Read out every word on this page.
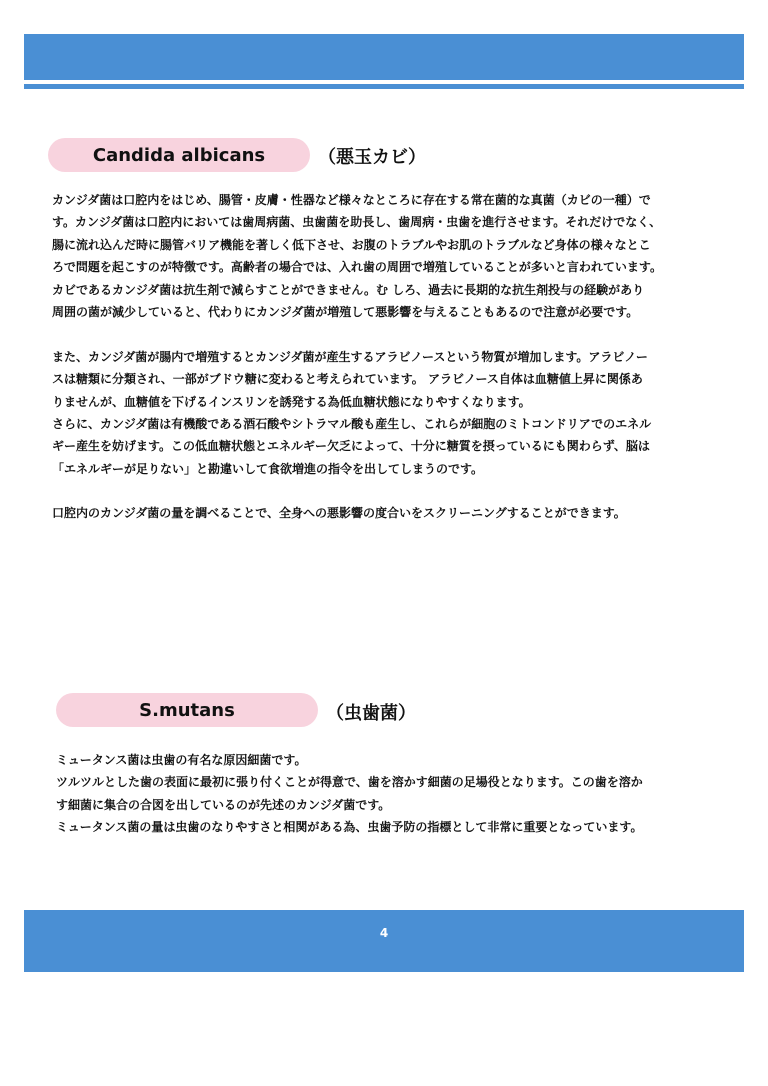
Candida albicans	（悪玉カビ）
カンジダ菌は口腔内をはじめ、腸管・皮膚・性器など様々なところに存在する常在菌的な真菌（カビの一種）で
す。カンジダ菌は口腔内においては歯周病菌、虫歯菌を助長し、歯周病・虫歯を進行させます。それだけでなく、
腸に流れ込んだ時に腸管バリア機能を著しく低下させ、お腹のトラブルやお肌のトラブルなど身体の様々なとこ
ろで問題を起こすのが特徴です。高齢者の場合では、入れ歯の周囲で増殖していることが多いと言われています。
カビであるカンジダ菌は抗生剤で減らすことができません。む しろ、過去に長期的な抗生剤投与の経験があり
周囲の菌が減少していると、代わりにカンジダ菌が増殖して悪影響を与えることもあるので注意が必要です。
また、カンジダ菌が腸内で増殖するとカンジダ菌が産生するアラビノースという物質が増加します。アラビノー
スは糖類に分類され、一部がブドウ糖に変わると考えられています。 アラビノース自体は血糖値上昇に関係あ
りませんが、血糖値を下げるインスリンを誘発する為低血糖状態になりやすくなります。
さらに、カンジダ菌は有機酸である酒石酸やシトラマル酸も産生し、これらが細胞のミトコンドリアでのエネル
ギー産生を妨げます。この低血糖状態とエネルギー欠乏によって、十分に糖質を摂っているにも関わらず、脳は
「エネルギーが足りない」と勘違いして食欲増進の指令を出してしまうのです。
口腔内のカンジダ菌の量を調べることで、全身への悪影響の度合いをスクリーニングすることができます。
S.mutans	（虫歯菌）
ミュータンス菌は虫歯の有名な原因細菌です。
ツルツルとした歯の表面に最初に張り付くことが得意で、歯を溶かす細菌の足場役となります。この歯を溶か
す細菌に集合の合図を出しているのが先述のカンジダ菌です。
ミュータンス菌の量は虫歯のなりやすさと相関がある為、虫歯予防の指標として非常に重要となっています。
4
